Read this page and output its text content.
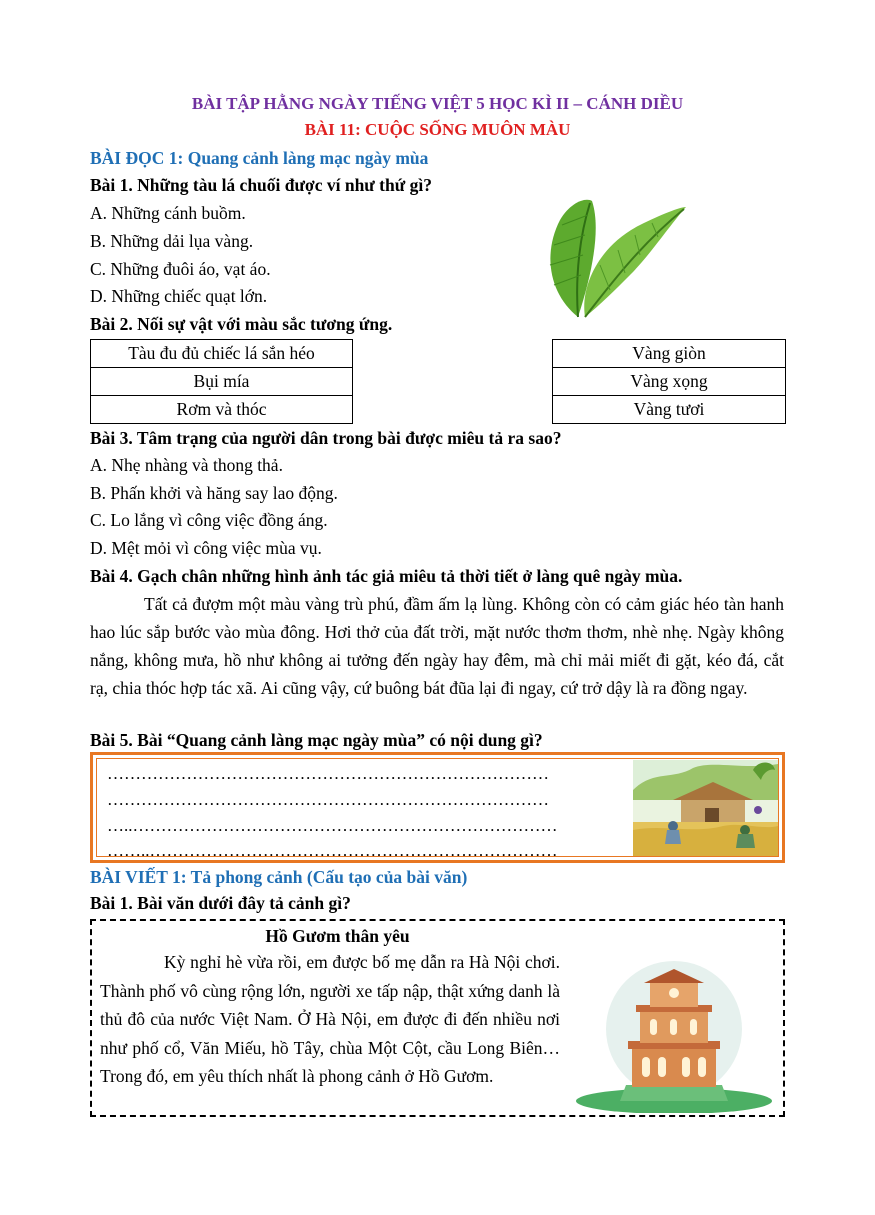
BÀI TẬP HẰNG NGÀY TIẾNG VIỆT 5 HỌC KÌ II – CÁNH DIỀU
BÀI 11: CUỘC SỐNG MUÔN MÀU
BÀI ĐỌC 1: Quang cảnh làng mạc ngày mùa
Bài 1. Những tàu lá chuối được ví như thứ gì?
A. Những cánh buồm.
B. Những dải lụa vàng.
C. Những đuôi áo, vạt áo.
D. Những chiếc quạt lớn.
Bài 2. Nối sự vật với màu sắc tương ứng.
Tàu đu đủ chiếc lá sắn héo		Vàng giòn
Bụi mía		Vàng xọng
Rơm và thóc		Vàng tươi
Bài 3. Tâm trạng của người dân trong bài được miêu tả ra sao?
A. Nhẹ nhàng và thong thả.
B. Phấn khởi và hăng say lao động.
C. Lo lắng vì công việc đồng áng.
D. Mệt mỏi vì công việc mùa vụ.
Bài 4. Gạch chân những hình ảnh tác giả miêu tả thời tiết ở làng quê ngày mùa.
Tất cả đượm một màu vàng trù phú, đầm ấm lạ lùng. Không còn có cảm giác héo tàn hanh hao lúc sắp bước vào mùa đông. Hơi thở của đất trời, mặt nước thơm thơm, nhè nhẹ. Ngày không nắng, không mưa, hồ như không ai tưởng đến ngày hay đêm, mà chỉ mải miết đi gặt, kéo đá, cắt rạ, chia thóc hợp tác xã. Ai cũng vậy, cứ buông bát đũa lại đi ngay, cứ trở dậy là ra đồng ngay.
Bài 5. Bài “Quang cảnh làng mạc ngày mùa” có nội dung gì?
……………………………………………………………………
……………………………………………………………………
…..…………………………………………………………………
……..………………………………………………………………
BÀI VIẾT 1: Tả phong cảnh (Cấu tạo của bài văn)
Bài 1. Bài văn dưới đây tả cảnh gì?
Hồ Gươm thân yêu
Kỳ nghỉ hè vừa rồi, em được bố mẹ dẫn ra Hà Nội chơi. Thành phố vô cùng rộng lớn, người xe tấp nập, thật xứng danh là thủ đô của nước Việt Nam. Ở Hà Nội, em được đi đến nhiều nơi như phố cổ, Văn Miếu, hồ Tây, chùa Một Cột, cầu Long Biên… Trong đó, em yêu thích nhất là phong cảnh ở Hồ Gươm.
